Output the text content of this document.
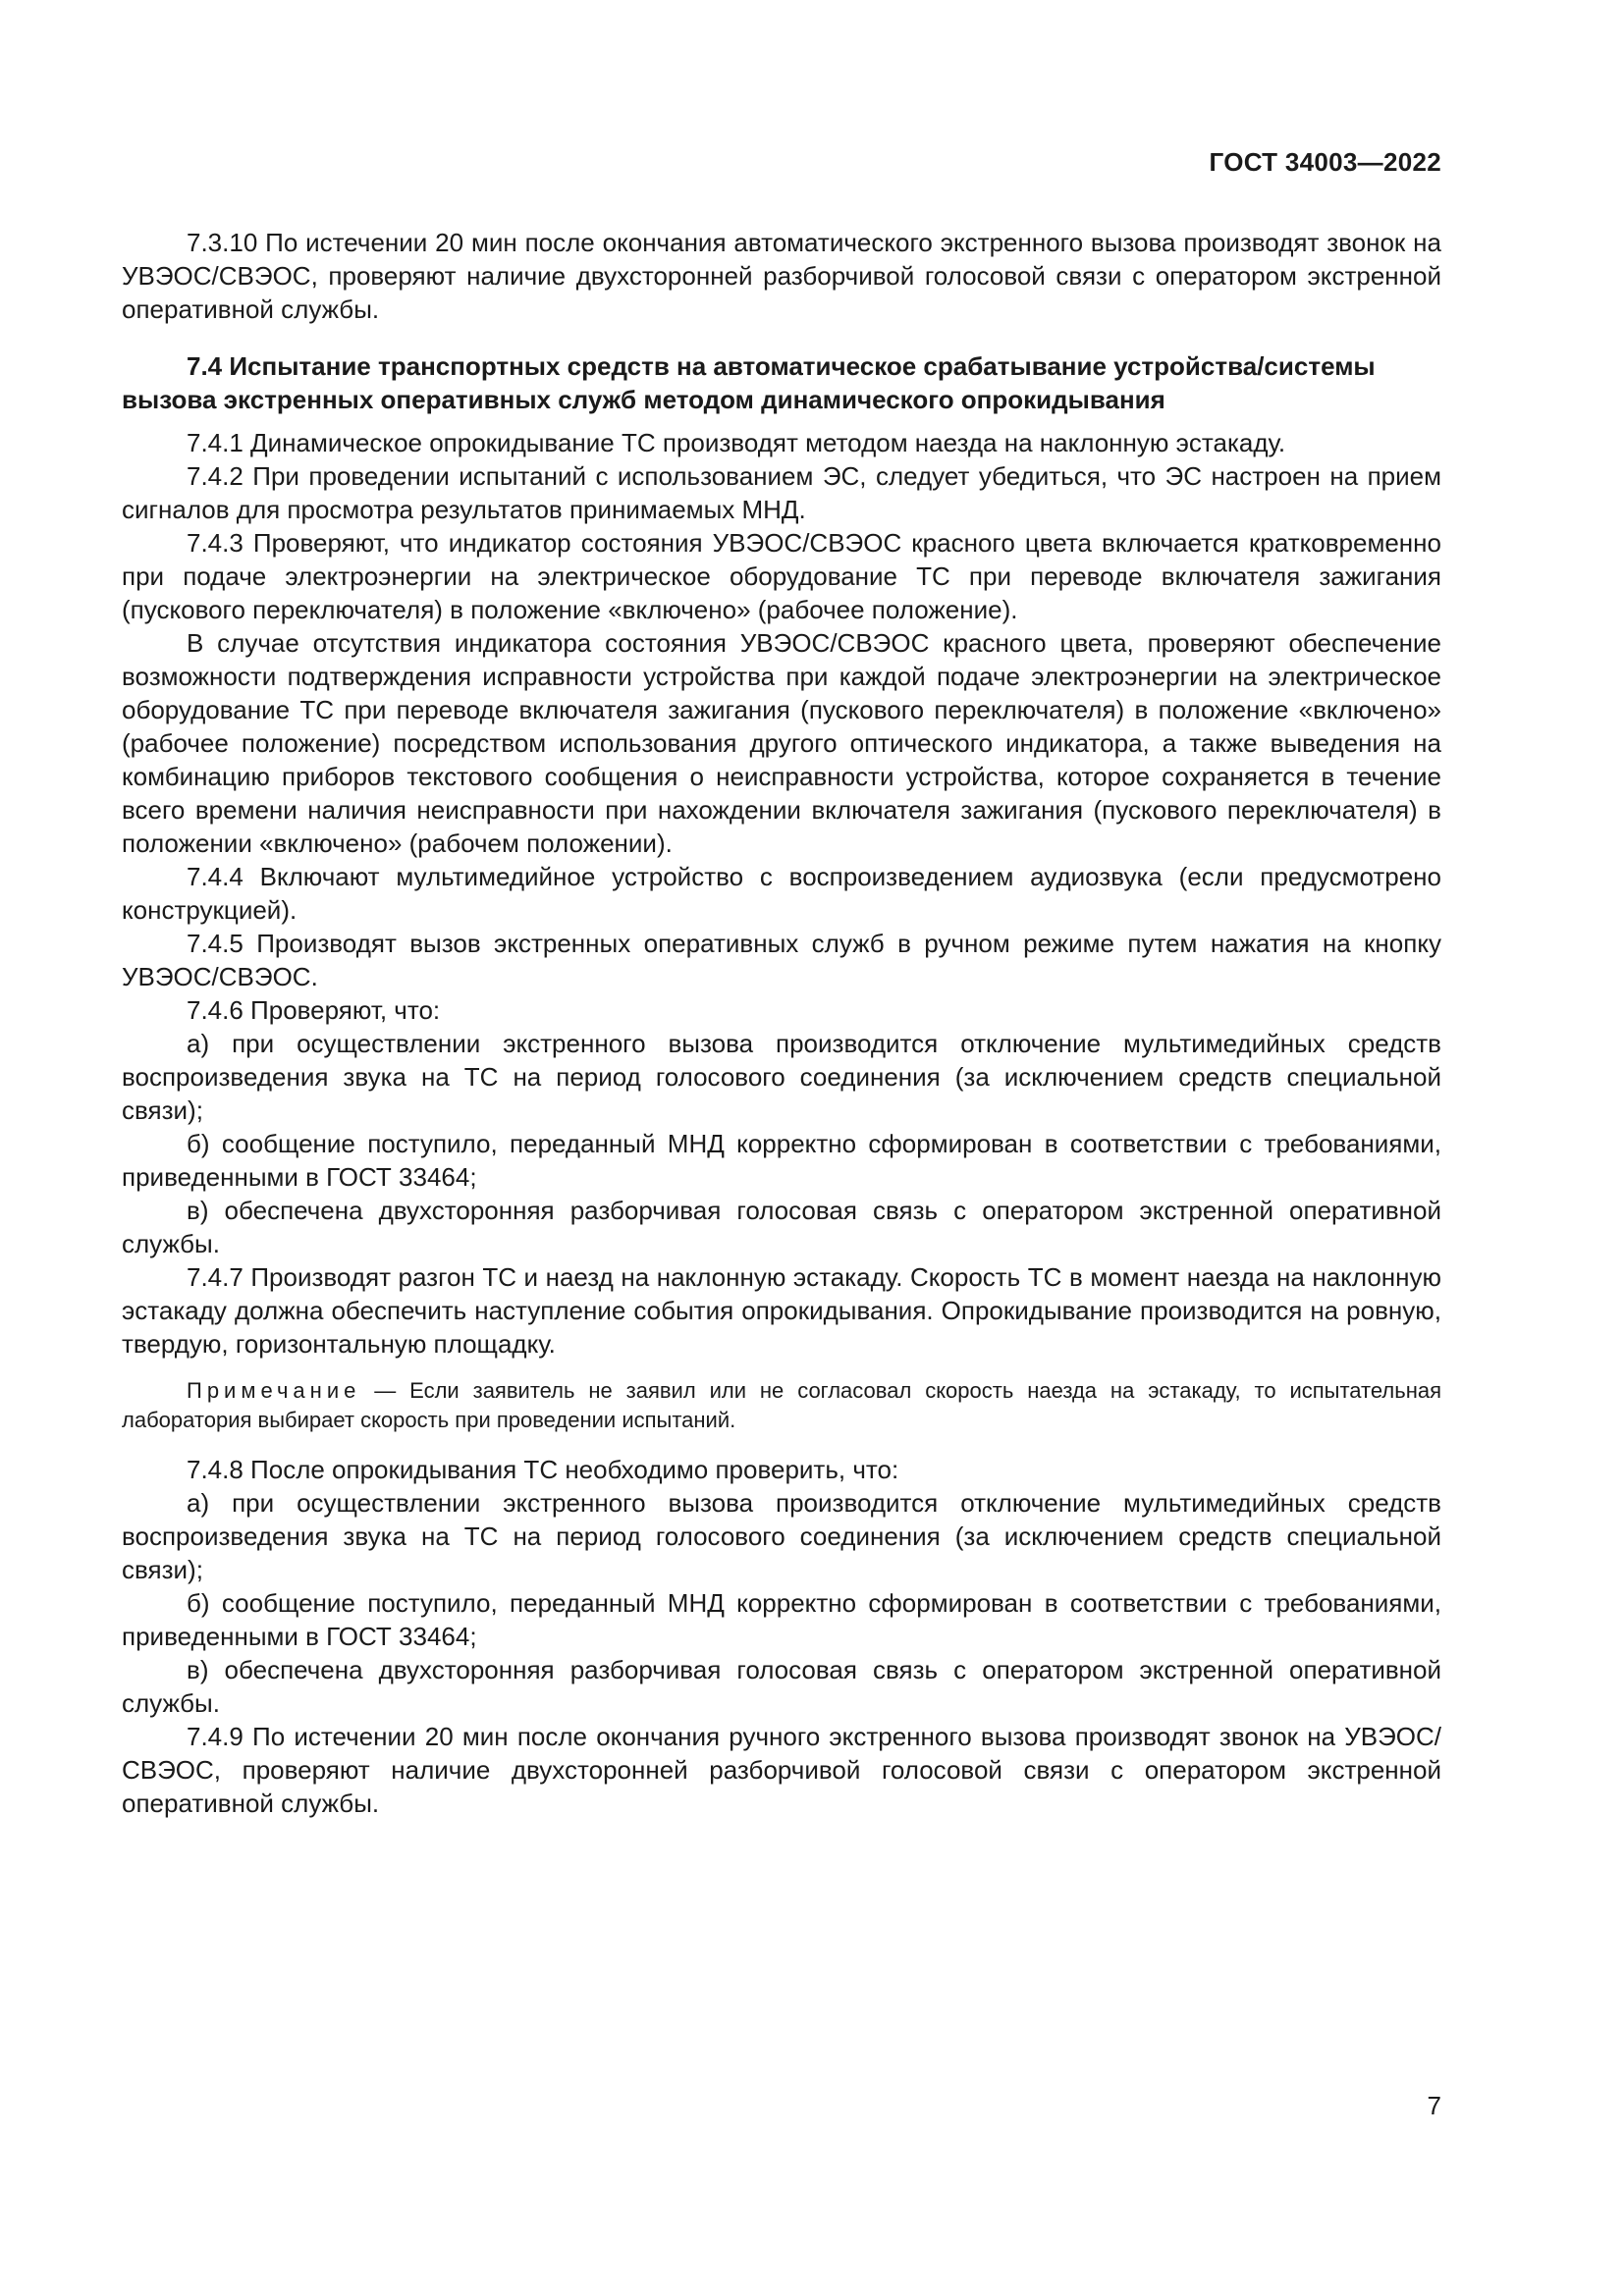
ГОСТ 34003—2022

7.3.10 По истечении 20 мин после окончания автоматического экстренного вызова производят звонок на УВЭОС/СВЭОС, проверяют наличие двухсторонней разборчивой голосовой связи с оператором экстренной оперативной службы.

7.4 Испытание транспортных средств на автоматическое срабатывание устройства/системы вызова экстренных оперативных служб методом динамического опрокидывания

7.4.1 Динамическое опрокидывание ТС производят методом наезда на наклонную эстакаду.

7.4.2 При проведении испытаний с использованием ЭС, следует убедиться, что ЭС настроен на прием сигналов для просмотра результатов принимаемых МНД.

7.4.3 Проверяют, что индикатор состояния УВЭОС/СВЭОС красного цвета включается кратковременно при подаче электроэнергии на электрическое оборудование ТС при переводе включателя зажигания (пускового переключателя) в положение «включено» (рабочее положение).

В случае отсутствия индикатора состояния УВЭОС/СВЭОС красного цвета, проверяют обеспечение возможности подтверждения исправности устройства при каждой подаче электроэнергии на электрическое оборудование ТС при переводе включателя зажигания (пускового переключателя) в положение «включено» (рабочее положение) посредством использования другого оптического индикатора, а также выведения на комбинацию приборов текстового сообщения о неисправности устройства, которое сохраняется в течение всего времени наличия неисправности при нахождении включателя зажигания (пускового переключателя) в положении «включено» (рабочем положении).

7.4.4 Включают мультимедийное устройство с воспроизведением аудиозвука (если предусмотрено конструкцией).

7.4.5 Производят вызов экстренных оперативных служб в ручном режиме путем нажатия на кнопку УВЭОС/СВЭОС.

7.4.6 Проверяют, что:

а) при осуществлении экстренного вызова производится отключение мультимедийных средств воспроизведения звука на ТС на период голосового соединения (за исключением средств специальной связи);

б) сообщение поступило, переданный МНД корректно сформирован в соответствии с требованиями, приведенными в ГОСТ 33464;

в) обеспечена двухсторонняя разборчивая голосовая связь с оператором экстренной оперативной службы.

7.4.7 Производят разгон ТС и наезд на наклонную эстакаду. Скорость ТС в момент наезда на наклонную эстакаду должна обеспечить наступление события опрокидывания. Опрокидывание производится на ровную, твердую, горизонтальную площадку.

Примечание — Если заявитель не заявил или не согласовал скорость наезда на эстакаду, то испытательная лаборатория выбирает скорость при проведении испытаний.

7.4.8 После опрокидывания ТС необходимо проверить, что:

а) при осуществлении экстренного вызова производится отключение мультимедийных средств воспроизведения звука на ТС на период голосового соединения (за исключением средств специальной связи);

б) сообщение поступило, переданный МНД корректно сформирован в соответствии с требованиями, приведенными в ГОСТ 33464;

в) обеспечена двухсторонняя разборчивая голосовая связь с оператором экстренной оперативной службы.

7.4.9 По истечении 20 мин после окончания ручного экстренного вызова производят звонок на УВЭОС/СВЭОС, проверяют наличие двухсторонней разборчивой голосовой связи с оператором экстренной оперативной службы.

7
